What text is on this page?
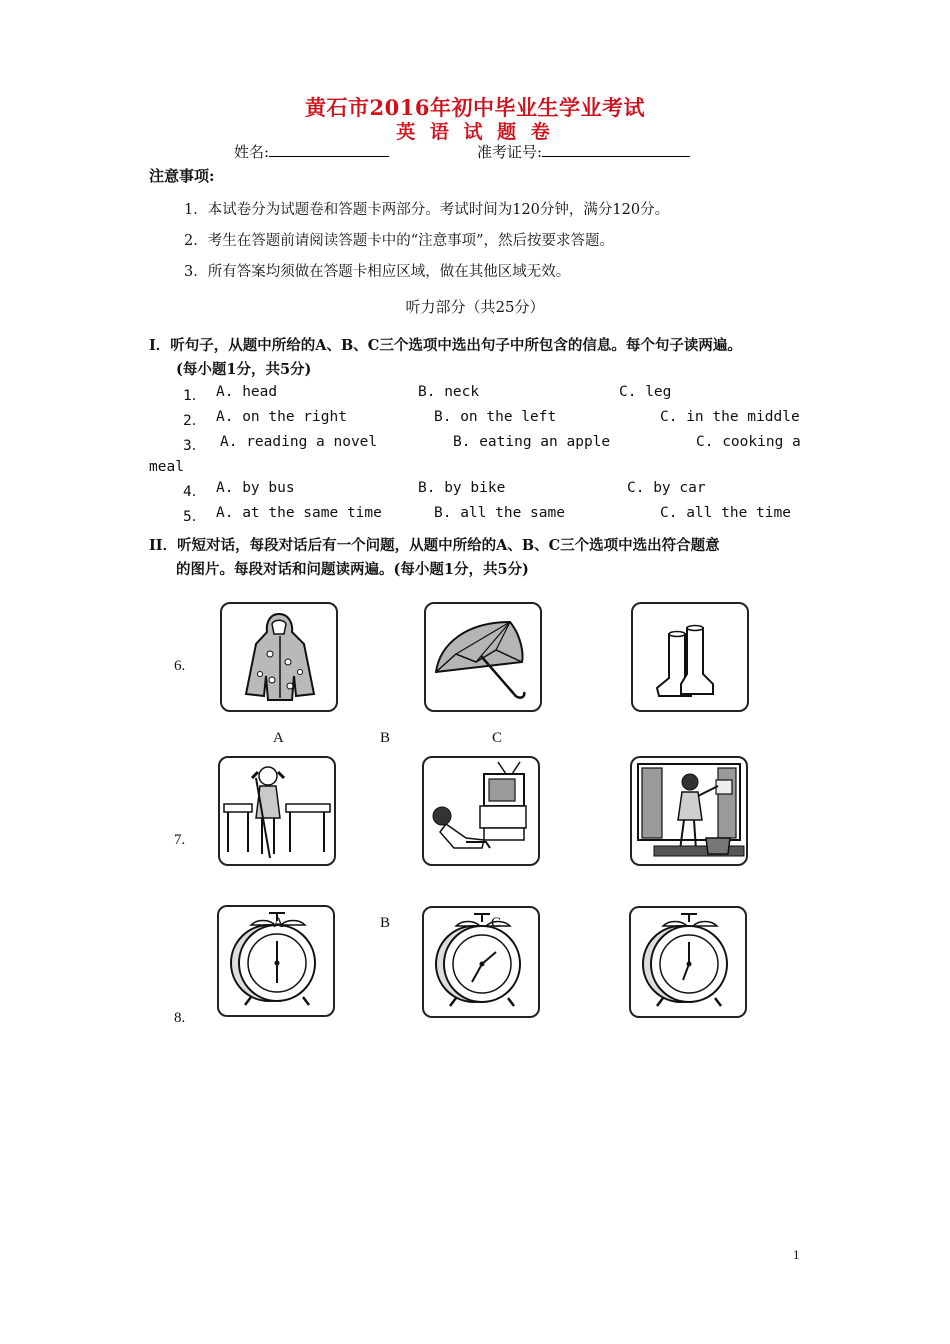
黄石市2016年初中毕业生学业考试
英 语 试 题 卷
姓名:	准考证号:
注意事项:
1．本试卷分为试题卷和答题卡两部分。考试时间为120分钟，满分120分。
2．考生在答题前请阅读答题卡中的“注意事项”，然后按要求答题。
3．所有答案均须做在答题卡相应区域，做在其他区域无效。
听力部分（共25分）
I．听句子，从题中所给的A、B、C三个选项中选出句子中所包含的信息。每个句子读两遍。
(每小题1分，共5分)
1． A. head	B. neck	C. leg
2． A. on the right	B. on the left	C. in the middle
3． A. reading a novel	B. eating an apple	C. cooking a
meal
4． A. by bus	B. by bike	C. by car
5． A. at the same time	B. all the same	C. all the time
II．听短对话，每段对话后有一个问题，从题中所给的A、B、C三个选项中选出符合题意
的图片。每段对话和问题读两遍。(每小题1分，共5分)
6.
A	B	C
7.
8.
A	B	C
1
